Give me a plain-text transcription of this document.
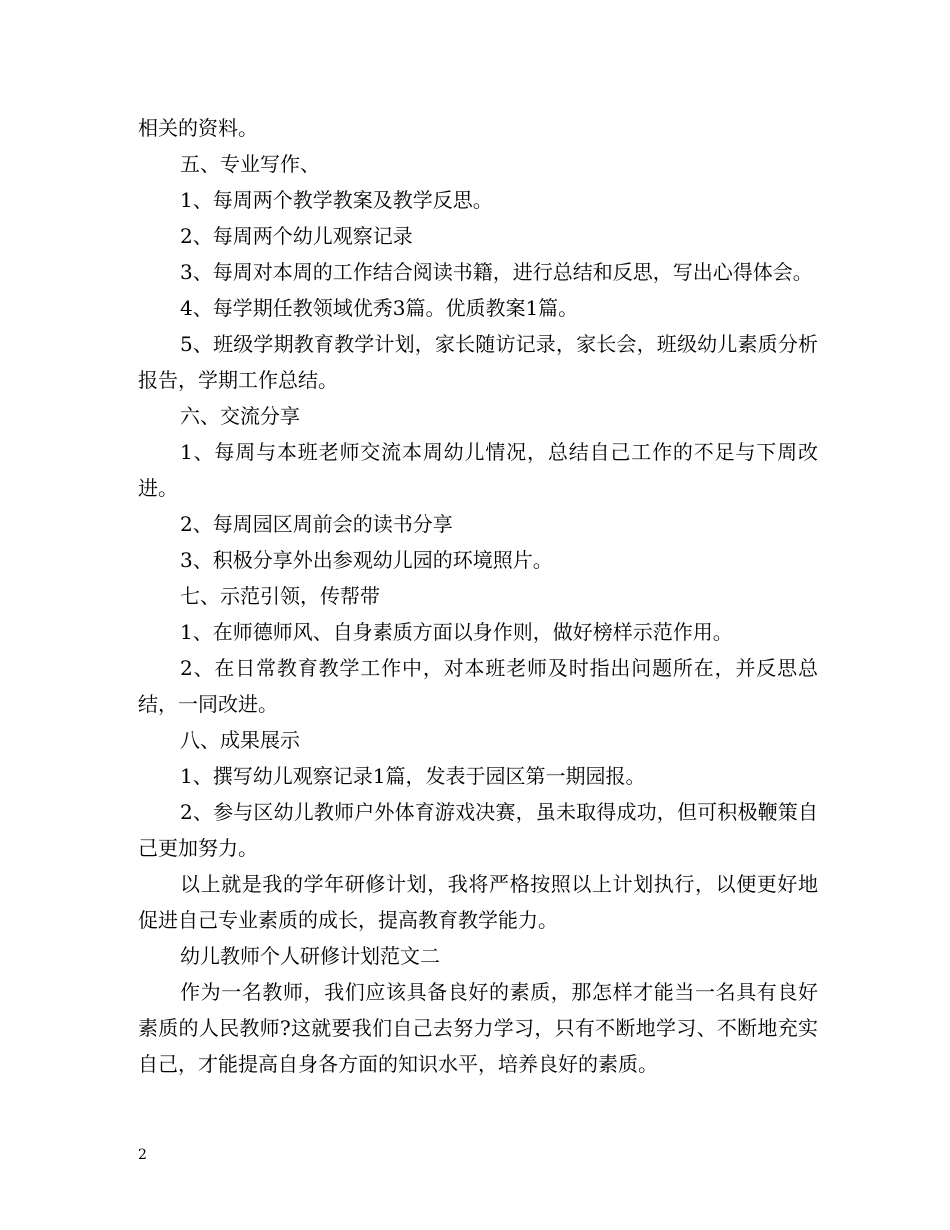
相关的资料。

五、专业写作、

1、每周两个教学教案及教学反思。

2、每周两个幼儿观察记录

3、每周对本周的工作结合阅读书籍，进行总结和反思，写出心得体会。

4、每学期任教领域优秀3篇。优质教案1篇。

5、班级学期教育教学计划，家长随访记录，家长会，班级幼儿素质分析报告，学期工作总结。

六、交流分享

1、每周与本班老师交流本周幼儿情况，总结自己工作的不足与下周改进。

2、每周园区周前会的读书分享

3、积极分享外出参观幼儿园的环境照片。

七、示范引领，传帮带

1、在师德师风、自身素质方面以身作则，做好榜样示范作用。

2、在日常教育教学工作中，对本班老师及时指出问题所在，并反思总结，一同改进。

八、成果展示

1、撰写幼儿观察记录1篇，发表于园区第一期园报。

2、参与区幼儿教师户外体育游戏决赛，虽未取得成功，但可积极鞭策自己更加努力。

以上就是我的学年研修计划，我将严格按照以上计划执行，以便更好地促进自己专业素质的成长，提高教育教学能力。

幼儿教师个人研修计划范文二

作为一名教师，我们应该具备良好的素质，那怎样才能当一名具有良好素质的人民教师?这就要我们自己去努力学习，只有不断地学习、不断地充实自己，才能提高自身各方面的知识水平，培养良好的素质。

2
